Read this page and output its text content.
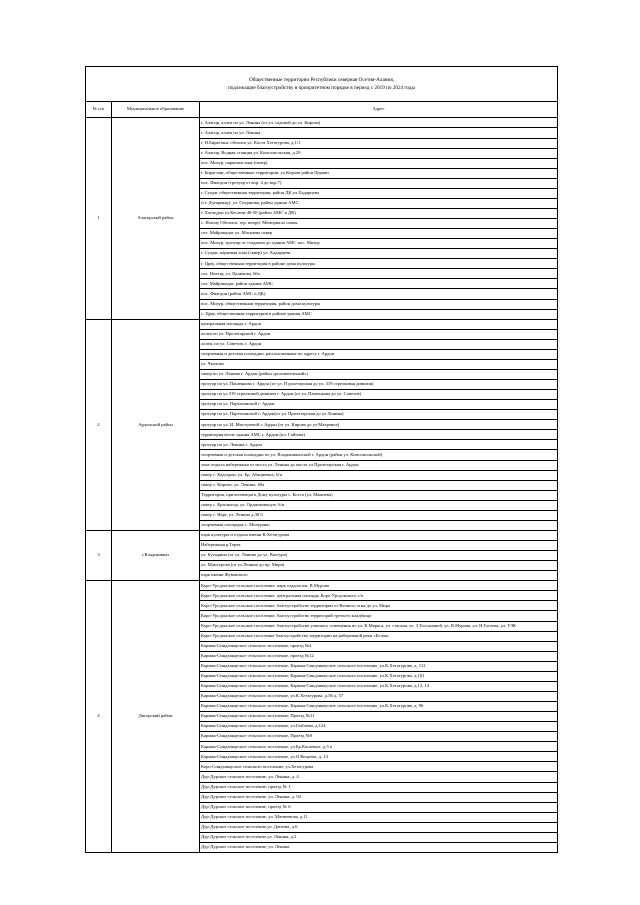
Общественные территории Республики северная Осетия-Алания,
подлежащие благоустройству в приоритетном порядке в период с 2019 по 2024 годы		

№ п/п	Муниципальное образование	Адрес
1	Алагирский район	г. Алагир, аллея по ул. Ленина (от ул. садовой до ул. Кирова)
		г. Алагир, аллея по ул. Ленина
		г. Н.Бирагзанг, обелиск ул. Коста Хетагурова, д.1/1
		г. Алагир, Водная станция ул. Комсомольская, д.29
		пос. Мизур, парковая зона (сквер)
		г. Бирагзанг, общественные территории, ул.Кирова район Церкви
		пос. Фиагдон (тротуар от вор. 4 до вор.7)
		г. Суадаг общественная территория, район ДК ул.Хадарцева
		(ст. Дзуарикау), ул. Газданова, район здания АМС
		г. Хатацдон ул.Кесаева 48-50 (район АМС и ДК)
		с. Ноктау Обелиск, тер. вокруг Мемориала славы
		сел. Майрамадаг ул. Маскаева сквер
		пос. Мизур, тротуар от стадиона до здания АМС пос. Мизур
		г. Суадаг, парковая зона (сквер) ул. Хадарцева
		г. Црау, общественная территория в районе дома культуры
		сел. Ноктау, ул. Цаликова, 66а
		сел. Майрамадаг, район здания АМС
		пос. Фиагдон (район АМС и ДК)
		пос. Мизур, общественная территория, район дома культуры
		с. Црау, общественная территория в районе здания АМС
2	Ардонский район	центральная площадь г. Ардон
		аллея по ул. Пролетарской г. Ардон
		аллея, по ул. Советов, г. Ардон
		спортивная и детская площадки, расположенные по адресу г. Ардон
		ул. Чкалова
		сквер по ул. Ленина г. Ардон (район «розовательный»)
		тротуар по ул. Пашенкова г. Ардон (от ул. П ролетарская до ул. 319 стрелковая дивизия)
		тротуар по ул 319 стрелковой дивизии г. Ардон (от ул. Пашенкова до ул. Советов)
		тротуар по ул. Партизанской г. Ардон
		тротуар по ул. Партизанской г. Ардон(от ул. Пролетарская до ул Ленина)
		тротуар по ул. И. Мистулевой г. Ардон (от ул. Кирова до ул Махревоа)
		территория возле здания АМС г. Ардон (пл. Гайтова)
		тротуар по ул. Ленина г. Ардон
		спортивная и детская площадки по ул. Владикавказской г. Ардон (район ул. Комсомольской)
		зона отдыха набережная от моста ул. Ленина до моста ул Пролетарская г. Ардон
		сквер с. Кадгарон, ул. Бр. Абациевых, 6/п
		сквер с. Кирово, ул. Ленина, 60а
		Территория, прилегающая к Дому культуры с. Коста (ул. Мамиева)
		сквер с. Красногор, ул. Орджоникидзе, 6/н
		сквер с. Нарт, ул. Ленина д.38 б
		спортивная площадка с. Мичурино
3	г.Владикавказ	парк культуры и отдыха имени К.Хетагурова
		Набережная р.Терек
		ул. Бутырина (от ул. Ленина до ул. Вахтура)
		ул. Мамсурова (от ул.Ленина до пр. Мира)
		парк имени Жуковского
4	Дигорский район	Коро-Урсдонское сельское поселение, парк отдыха им. В.Мурова
		Коро-Урсдонское сельское поселение, центральная площадь Коро-Урсдонского с/п
		Коро-Урсдонское сельское поселение, благоустройство территории от Вечного огня до ул. Мира
		Коро-Урсдонское сельское поселение, благоустройство территорий третьего кладбища
		Коро-Урсдонское сельское поселение, благоустройство уличного освещения по ул. К.Маркса, ул. стаская, ул. 3 Тоссановой, ул. В.Мурова, ул. Н.Гогоева, ул. УЗК
		Коро-Урсдонское сельское поселение благоустройство территории на набережной реки «Белая»
		Карман-Синдзикауское сельского поселение, проезд №4
		Карман-Синдзикауское сельского поселение, проезд №12
		Карман-Синдзикауское сельского поселение, Карман-Синдзикауское сельского поселение, ул.К.Хетагурова, д. 112
		Карман-Синдзикауское сельского поселение, Карман-Синдзикауское сельского поселение, ул.К.Хетагурова, д.101
		Карман-Синдзикауское сельского поселение, Карман-Синдзикауское сельского поселение, ул.К.Хетагурова, д.13, 14
		Карман-Синдзикауское сельского поселение, ул.К.Хетагурова, д.56 д. 57
		Карман-Синдзикауское сельского поселение, Карман-Синдзикауское сельского поселение, ул.К.Хетагурова, д. 96
		Карман-Синдзикауское сельского поселение, Проезд №11
		Карман-Синдзикауское сельского поселение, ул.Газбаева, д.124
		Карман-Синдзикауское сельского поселение, Проезд №9
		Карман-Синдзикауское сельского поселение, ул.Бр.Касаевых, д.5 а
		Карман-Синдзикауское сельского поселение, ул.О.Коцоева, д. 13
		Коро-Синдзикауское сельского поселение, ул.Хетагурова
		Дур-Дурское сельское поселение, ул. Ленина, д. 4
		Дур-Дурское сельское поселение, проезд № 1
		Дур-Дурское сельское поселение, ул. Ленина, д. 92
		Дур-Дурское сельское поселение, проезд № 6
		Дур-Дурское сельское поселение, ул. Матвеевова, д.11
		Дур-Дурское сельское поселение,ул. Датоева, д.6
		Дур-Дурское сельское поселение,ул. Ленина, д.2
		Дур-Дурское сельское поселение, ул. Ленина
